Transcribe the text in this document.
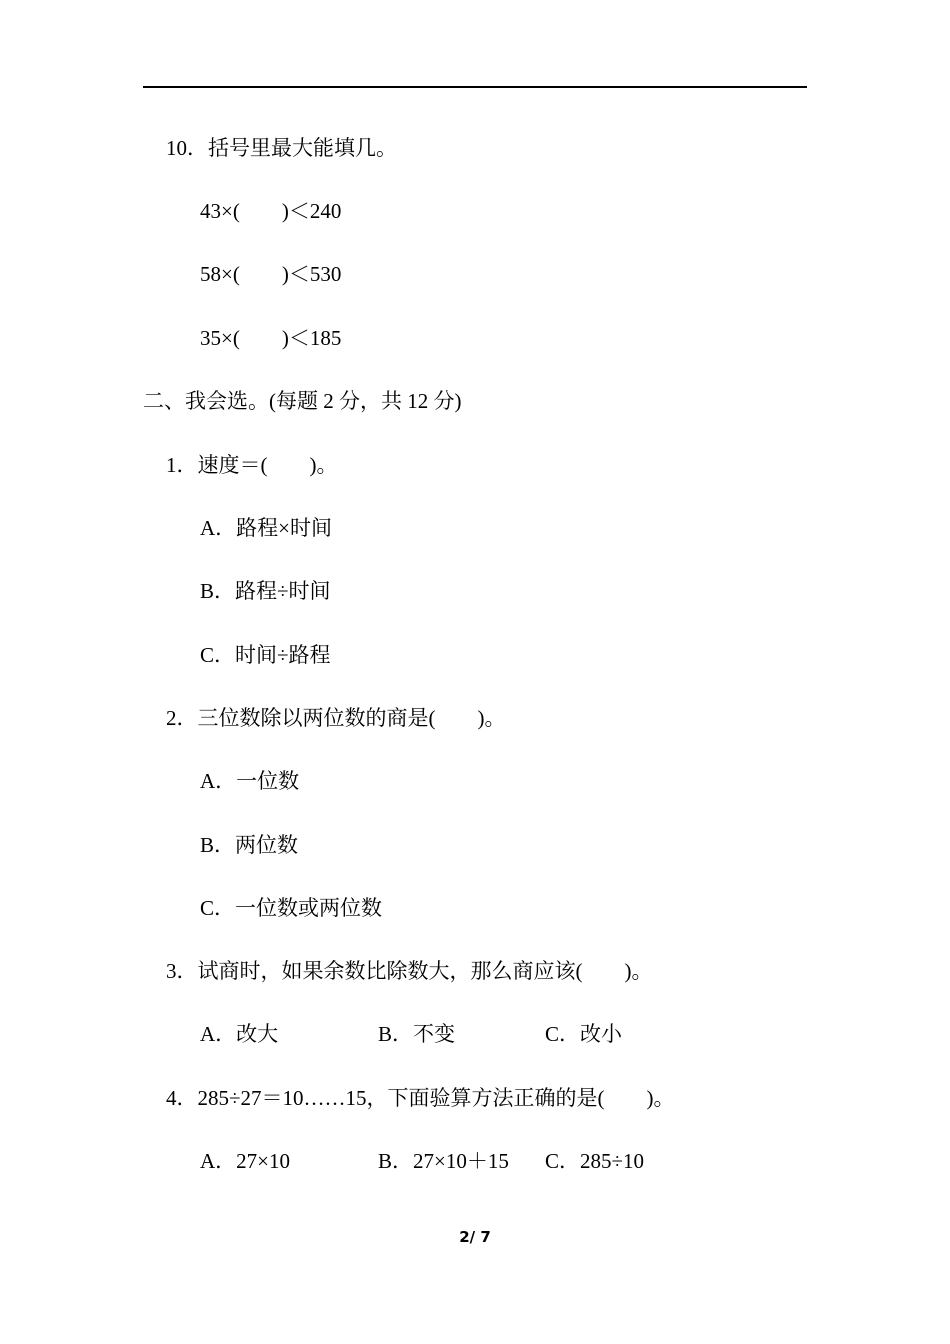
10．括号里最大能填几。
43×(　　)＜240
58×(　　)＜530
35×(　　)＜185
二、我会选。(每题 2 分，共 12 分)
1．速度＝(　　)。
A．路程×时间
B．路程÷时间
C．时间÷路程
2．三位数除以两位数的商是(　　)。
A．一位数
B．两位数
C．一位数或两位数
3．试商时，如果余数比除数大，那么商应该(　　)。
A．改大	B．不变	C．改小
4．285÷27＝10……15，下面验算方法正确的是(　　)。
A．27×10	B．27×10＋15 C．285÷10
2/ 7
